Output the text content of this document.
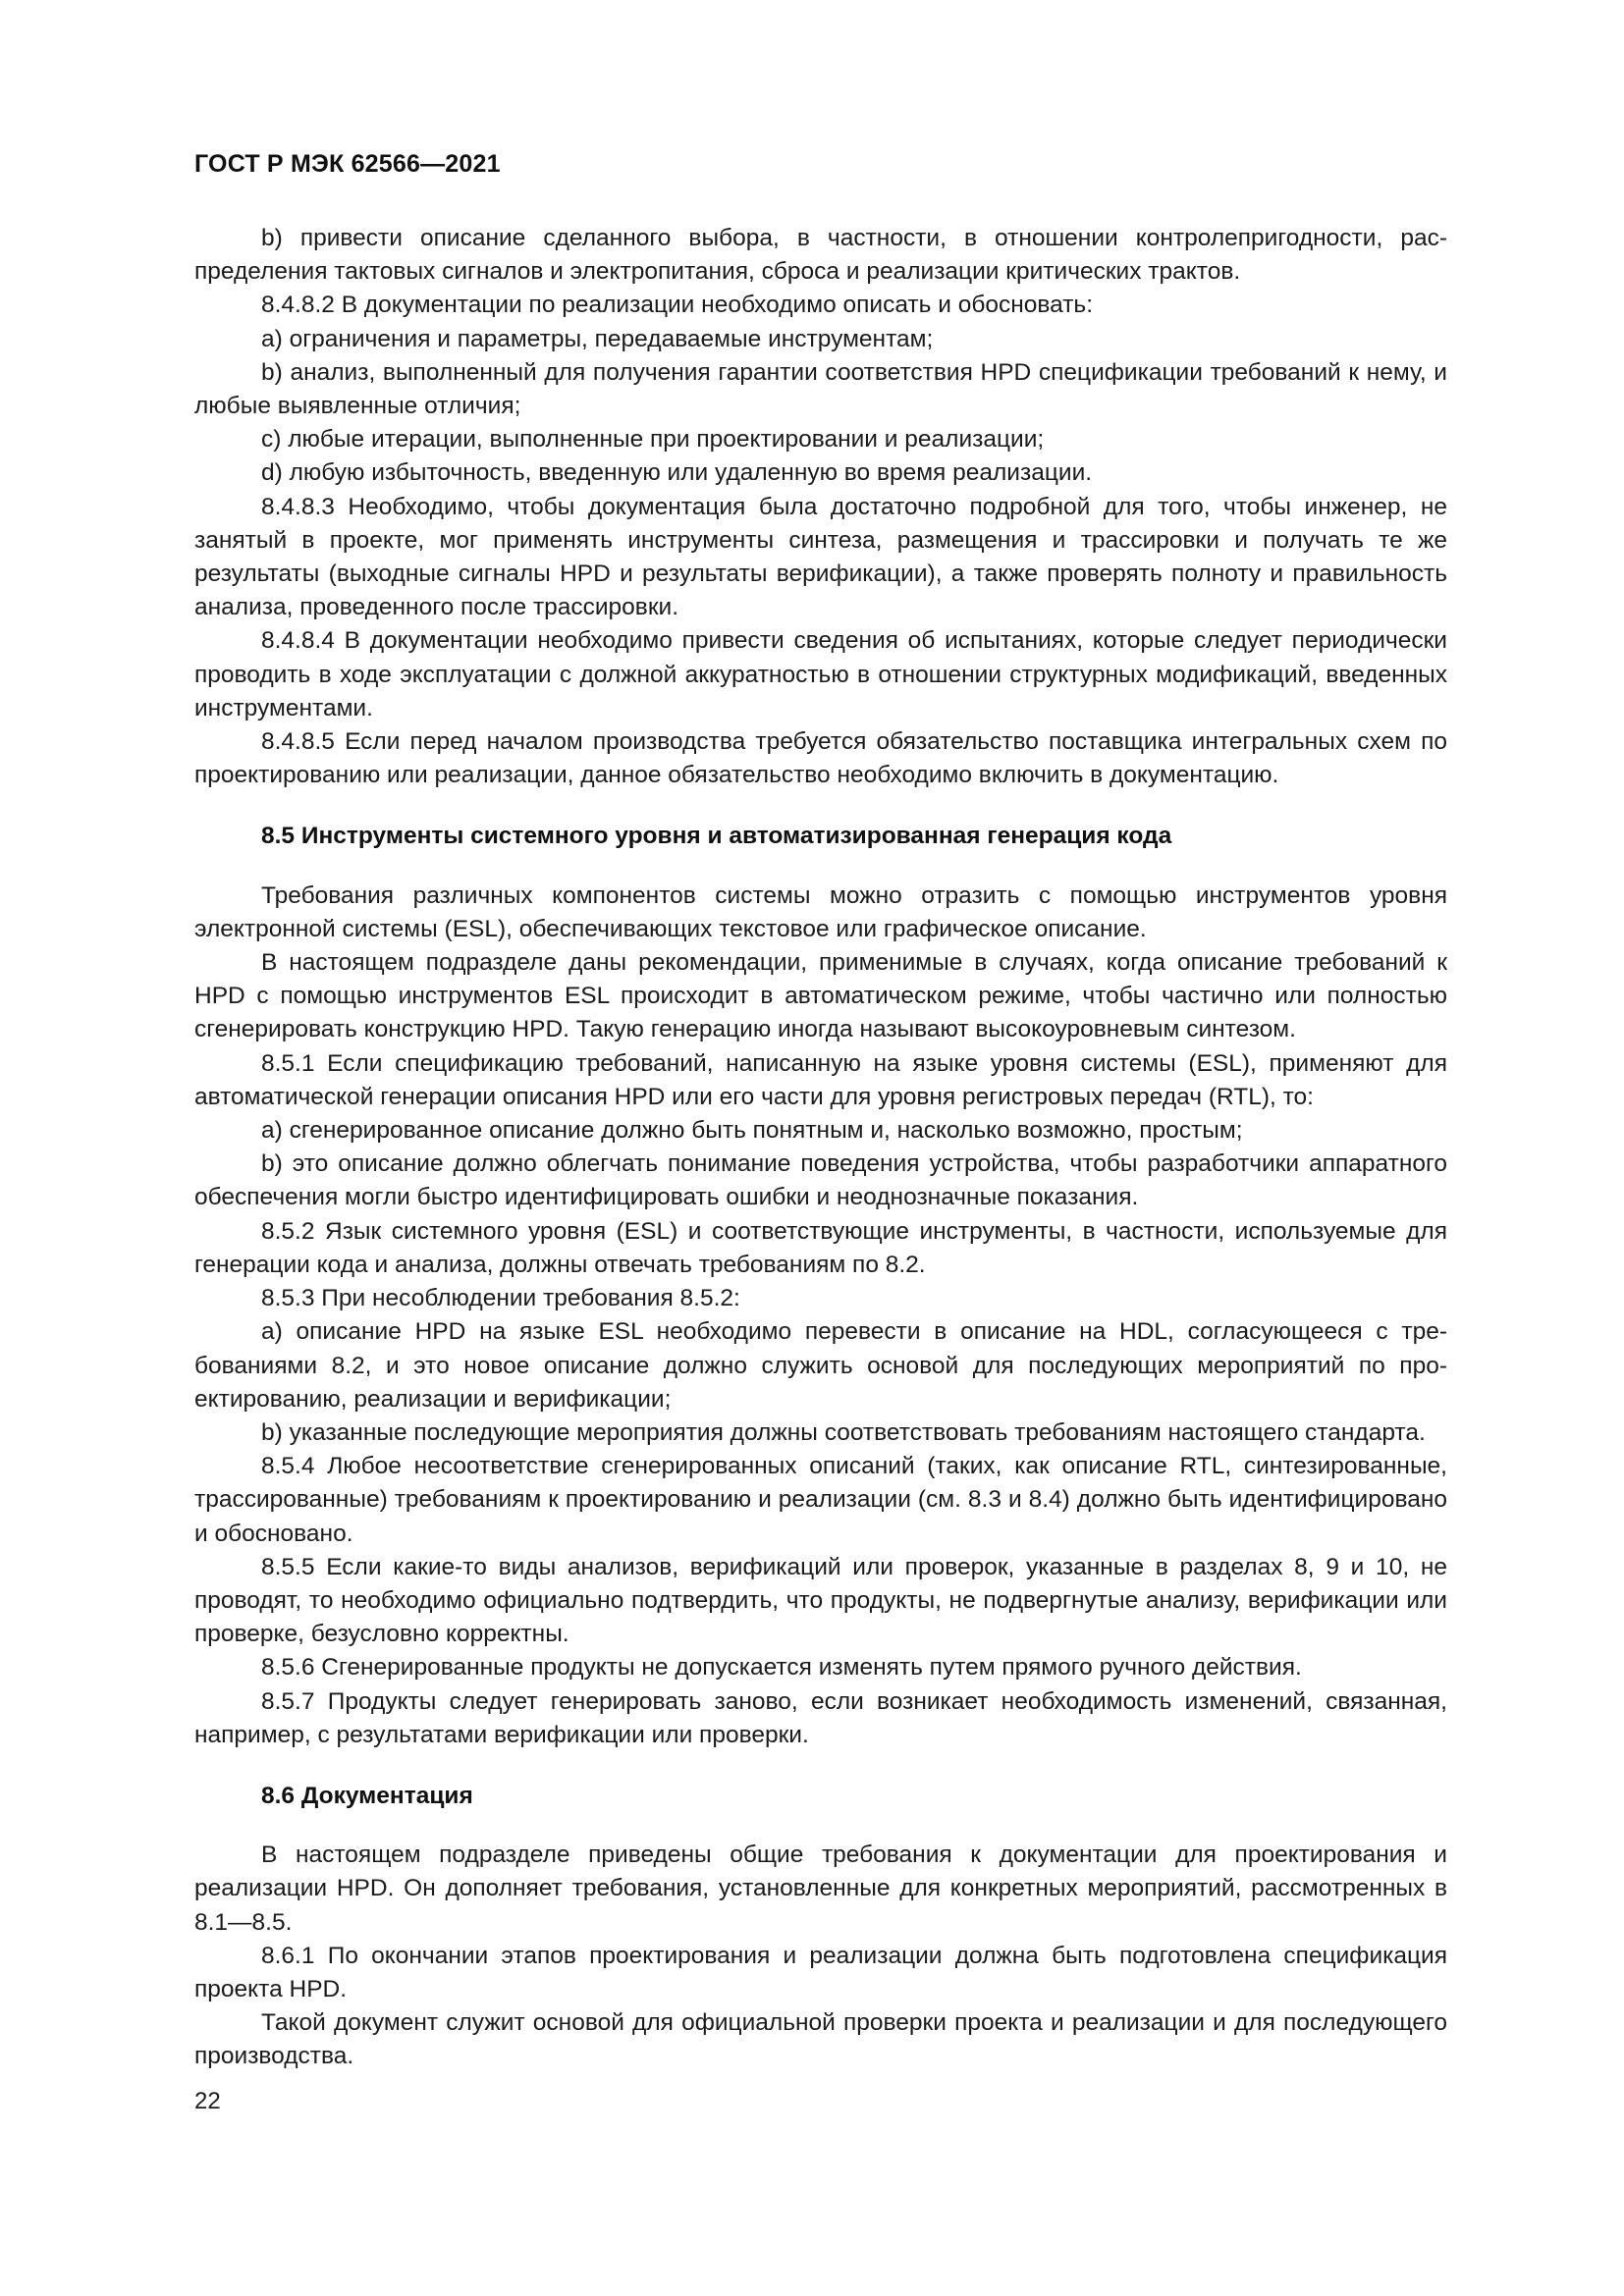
ГОСТ Р МЭК 62566—2021

b) привести описание сделанного выбора, в частности, в отношении контролепригодности, распределения тактовых сигналов и электропитания, сброса и реализации критических трактов.

8.4.8.2 В документации по реализации необходимо описать и обосновать:

a) ограничения и параметры, передаваемые инструментам;

b) анализ, выполненный для получения гарантии соответствия HPD спецификации требований к нему, и любые выявленные отличия;

c) любые итерации, выполненные при проектировании и реализации;

d) любую избыточность, введенную или удаленную во время реализации.

8.4.8.3 Необходимо, чтобы документация была достаточно подробной для того, чтобы инженер, не занятый в проекте, мог применять инструменты синтеза, размещения и трассировки и получать те же результаты (выходные сигналы HPD и результаты верификации), а также проверять полноту и правильность анализа, проведенного после трассировки.

8.4.8.4 В документации необходимо привести сведения об испытаниях, которые следует периодически проводить в ходе эксплуатации с должной аккуратностью в отношении структурных модификаций, введенных инструментами.

8.4.8.5 Если перед началом производства требуется обязательство поставщика интегральных схем по проектированию или реализации, данное обязательство необходимо включить в документацию.

8.5 Инструменты системного уровня и автоматизированная генерация кода

Требования различных компонентов системы можно отразить с помощью инструментов уровня электронной системы (ESL), обеспечивающих текстовое или графическое описание.

В настоящем подразделе даны рекомендации, применимые в случаях, когда описание требований к HPD с помощью инструментов ESL происходит в автоматическом режиме, чтобы частично или полностью сгенерировать конструкцию HPD. Такую генерацию иногда называют высокоуровневым синтезом.

8.5.1 Если спецификацию требований, написанную на языке уровня системы (ESL), применяют для автоматической генерации описания HPD или его части для уровня регистровых передач (RTL), то:

a) сгенерированное описание должно быть понятным и, насколько возможно, простым;

b) это описание должно облегчать понимание поведения устройства, чтобы разработчики аппаратного обеспечения могли быстро идентифицировать ошибки и неоднозначные показания.

8.5.2 Язык системного уровня (ESL) и соответствующие инструменты, в частности, используемые для генерации кода и анализа, должны отвечать требованиям по 8.2.

8.5.3 При несоблюдении требования 8.5.2:

a) описание HPD на языке ESL необходимо перевести в описание на HDL, согласующееся с требованиями 8.2, и это новое описание должно служить основой для последующих мероприятий по проектированию, реализации и верификации;

b) указанные последующие мероприятия должны соответствовать требованиям настоящего стандарта.

8.5.4 Любое несоответствие сгенерированных описаний (таких, как описание RTL, синтезированные, трассированные) требованиям к проектированию и реализации (см. 8.3 и 8.4) должно быть идентифицировано и обосновано.

8.5.5 Если какие-то виды анализов, верификаций или проверок, указанные в разделах 8, 9 и 10, не проводят, то необходимо официально подтвердить, что продукты, не подвергнутые анализу, верификации или проверке, безусловно корректны.

8.5.6 Сгенерированные продукты не допускается изменять путем прямого ручного действия.

8.5.7 Продукты следует генерировать заново, если возникает необходимость изменений, связанная, например, с результатами верификации или проверки.

8.6 Документация

В настоящем подразделе приведены общие требования к документации для проектирования и реализации HPD. Он дополняет требования, установленные для конкретных мероприятий, рассмотренных в 8.1—8.5.

8.6.1 По окончании этапов проектирования и реализации должна быть подготовлена спецификация проекта HPD.

Такой документ служит основой для официальной проверки проекта и реализации и для последующего производства.

22
